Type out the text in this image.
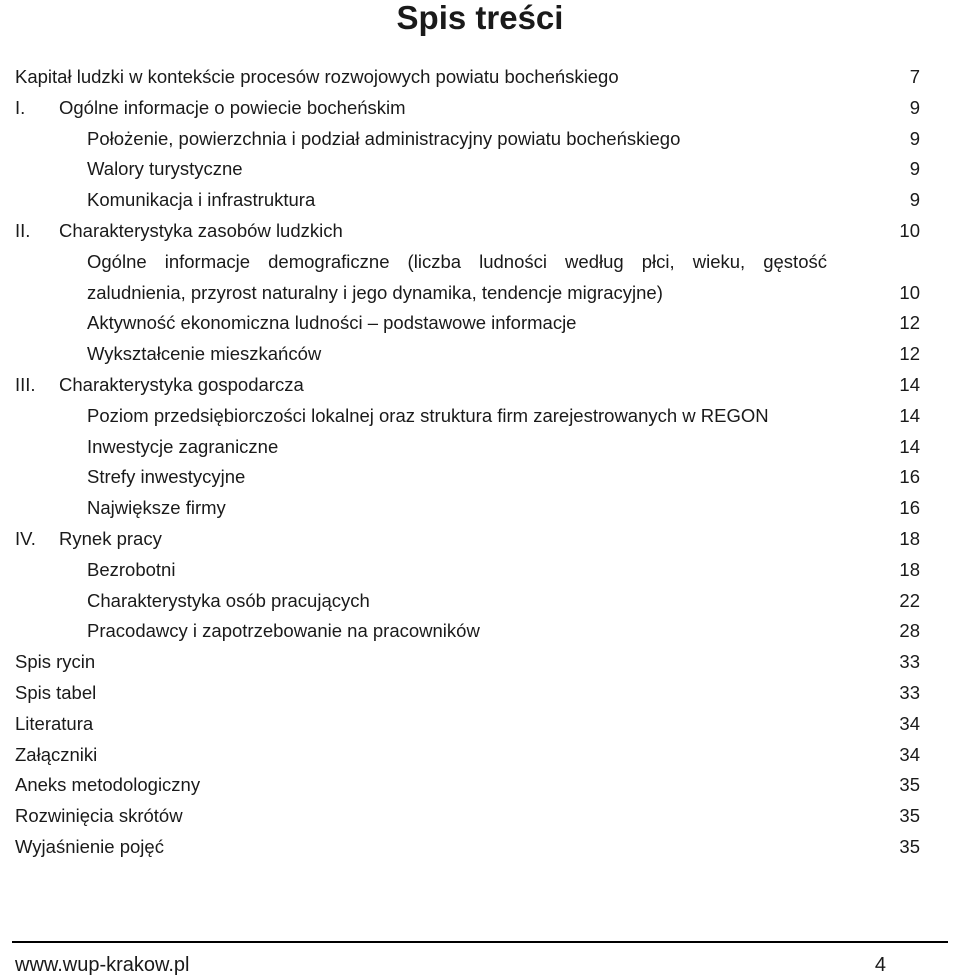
Spis treści
Kapitał ludzki w kontekście procesów rozwojowych powiatu bocheńskiego	7
I. Ogólne informacje o powiecie bocheńskim	9
Położenie, powierzchnia i podział administracyjny powiatu bocheńskiego	9
Walory turystyczne	9
Komunikacja i infrastruktura	9
II. Charakterystyka zasobów ludzkich	10
Ogólne informacje demograficzne (liczba ludności według płci, wieku, gęstość
zaludnienia, przyrost naturalny i jego dynamika, tendencje migracyjne)	10
Aktywność ekonomiczna ludności – podstawowe informacje	12
Wykształcenie mieszkańców	12
III. Charakterystyka gospodarcza	14
Poziom przedsiębiorczości lokalnej oraz struktura firm zarejestrowanych w REGON	14
Inwestycje zagraniczne	14
Strefy inwestycyjne	16
Największe firmy	16
IV. Rynek pracy	18
Bezrobotni	18
Charakterystyka osób pracujących	22
Pracodawcy i zapotrzebowanie na pracowników	28
Spis rycin	33
Spis tabel	33
Literatura	34
Załączniki	34
Aneks metodologiczny	35
Rozwinięcia skrótów	35
Wyjaśnienie pojęć	35
www.wup-krakow.pl	4
